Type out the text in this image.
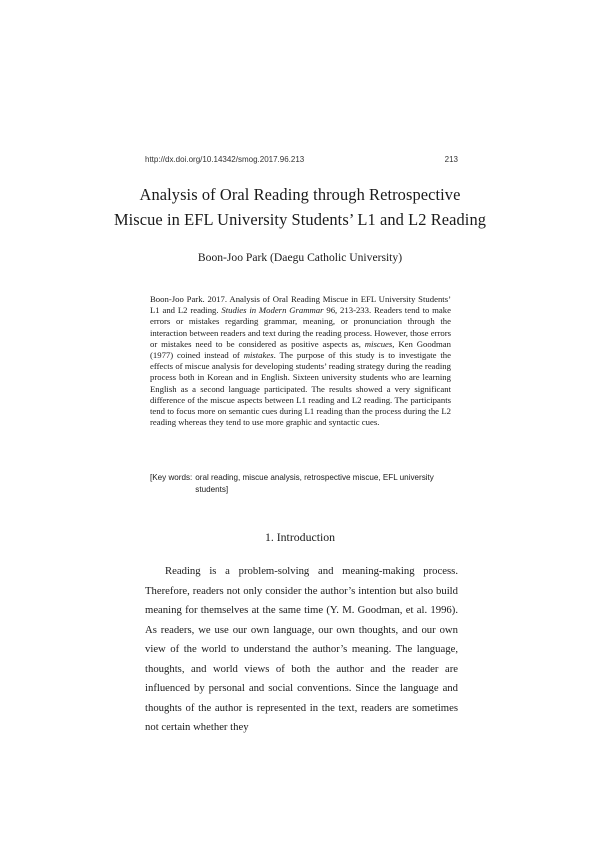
http://dx.doi.org/10.14342/smog.2017.96.213	213
Analysis of Oral Reading through Retrospective
Miscue in EFL University Students’ L1 and L2 Reading
Boon-Joo Park (Daegu Catholic University)

Boon-Joo Park. 2017. Analysis of Oral Reading Miscue in EFL University Students’ L1 and L2 reading. Studies in Modern Grammar 96, 213-233. Readers tend to make errors or mistakes regarding grammar, meaning, or pronunciation through the interaction between readers and text during the reading process. However, those errors or mistakes need to be considered as positive aspects as, miscues, Ken Goodman (1977) coined instead of mistakes. The purpose of this study is to investigate the effects of miscue analysis for developing students’ reading strategy during the reading process both in Korean and in English. Sixteen university students who are learning English as a second language participated. The results showed a very significant difference of the miscue aspects between L1 reading and L2 reading. The participants tend to focus more on semantic cues during L1 reading than the process during the L2 reading whereas they tend to use more graphic and syntactic cues.

[Key words: oral reading, miscue analysis, retrospective miscue, EFL university students]
1. Introduction

Reading is a problem-solving and meaning-making process. Therefore, readers not only consider the author’s intention but also build meaning for themselves at the same time (Y. M. Goodman, et al. 1996). As readers, we use our own language, our own thoughts, and our own view of the world to understand the author’s meaning. The language, thoughts, and world views of both the author and the reader are influenced by personal and social conventions. Since the language and thoughts of the author is represented in the text, readers are sometimes not certain whether they
